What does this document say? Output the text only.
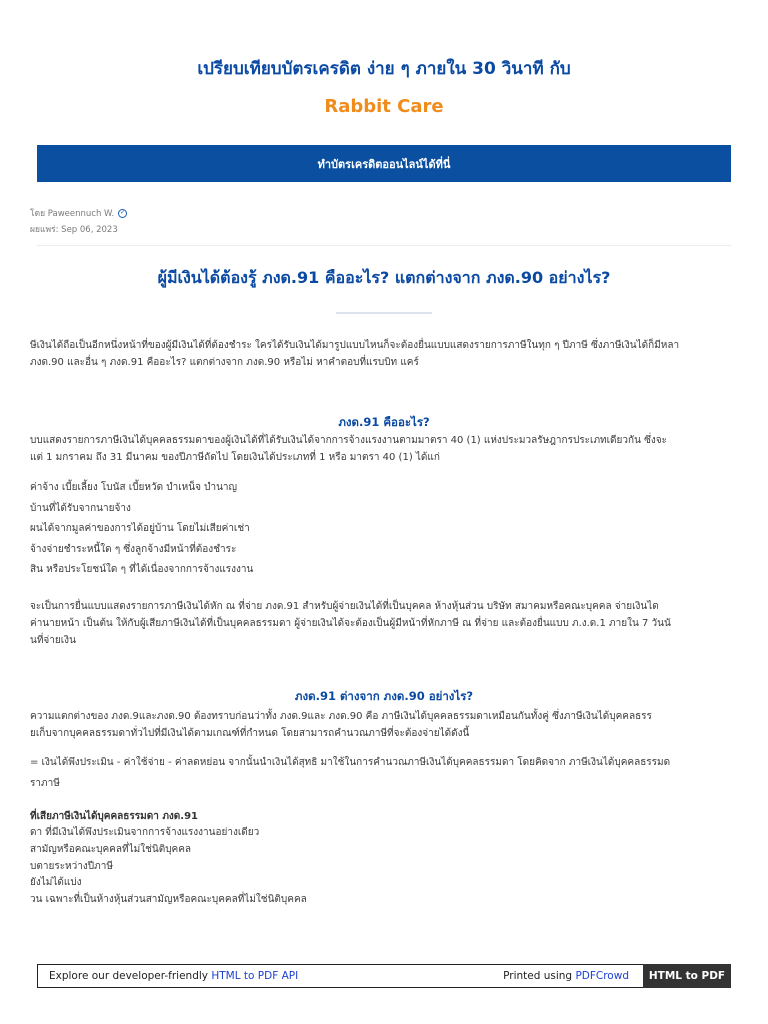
เปรียบเทียบบัตรเครดิต ง่าย ๆ ภายใน 30 วินาที กับ
Rabbit Care
ทำบัตรเครดิตออนไลน์ได้ที่นี่
โดย Paweennuch W. ✓
ผยแพร่: Sep 06, 2023
ผู้มีเงินได้ต้องรู้ ภงด.91 คืออะไร? แตกต่างจาก ภงด.90 อย่างไร?
ษีเงินได้ถือเป็นอีกหนึ่งหน้าที่ของผู้มีเงินได้ที่ต้องชำระ ใครได้รับเงินได้มารูปแบบไหนก็จะต้องยื่นแบบแสดงรายการภาษีในทุก ๆ ปีภาษี ซึ่งภาษีเงินได้ก็มีหลา
ภงด.90 และอื่น ๆ ภงด.91 คืออะไร? แตกต่างจาก ภงด.90 หรือไม่ หาคำตอบที่แรบบิท แคร์
ภงด.91 คืออะไร?
บบแสดงรายการภาษีเงินได้บุคคลธรรมดาของผู้เงินได้ที่ได้รับเงินได้จากการจ้างแรงงานตามมาตรา 40 (1) แห่งประมวลรัษฎากรประเภทเดียวกัน ซึ่งจะ
แต่ 1 มกราคม ถึง 31 มีนาคม ของปีภาษีถัดไป โดยเงินได้ประเภทที่ 1 หรือ มาตรา 40 (1) ได้แก่
ค่าจ้าง เบี้ยเลี้ยง โบนัส เบี้ยหวัด บำเหน็จ บำนาญ
บ้านที่ได้รับจากนายจ้าง
ผนได้จากมูลค่าของการได้อยู่บ้าน โดยไม่เสียค่าเช่า
จ้างจ่ายชำระหนี้ใด ๆ ซึ่งลูกจ้างมีหน้าที่ต้องชำระ
สิน หรือประโยชน์ใด ๆ ที่ได้เนื่องจากการจ้างแรงงาน
จะเป็นการยื่นแบบแสดงรายการภาษีเงินได้หัก ณ ที่จ่าย ภงด.91 สำหรับผู้จ่ายเงินได้ที่เป็นบุคคล ห้างหุ้นส่วน บริษัท สมาคมหรือคณะบุคคล จ่ายเงินได
ค่านายหน้า เป็นต้น ให้กับผู้เสียภาษีเงินได้ที่เป็นบุคคลธรรมดา ผู้จ่ายเงินได้จะต้องเป็นผู้มีหน้าที่หักภาษี ณ ที่จ่าย และต้องยื่นแบบ ภ.ง.ด.1 ภายใน 7 วันนั
นที่จ่ายเงิน
ภงด.91 ต่างจาก ภงด.90 อย่างไร?
ความแตกต่างของ ภงด.9และภงด.90 ต้องทราบก่อนว่าทั้ง ภงด.9และ ภงด.90 คือ ภาษีเงินได้บุคคลธรรมดาเหมือนกันทั้งคู่ ซึ่งภาษีเงินได้บุคคลธรร
ยเก็บจากบุคคลธรรมดาทั่วไปที่มีเงินได้ตามเกณฑ์ที่กำหนด โดยสามารถคำนวณภาษีที่จะต้องจ่ายได้ดังนี้
= เงินได้พึงประเมิน - ค่าใช้จ่าย - ค่าลดหย่อน จากนั้นนำเงินได้สุทธิ มาใช้ในการคำนวณภาษีเงินได้บุคคลธรรมดา โดยคิดจาก ภาษีเงินได้บุคคลธรรมด
ราภาษี
ที่เสียภาษีเงินได้บุคคลธรรมดา ภงด.91
ดา ที่มีเงินได้พึงประเมินจากการจ้างแรงงานอย่างเดียว
สามัญหรือคณะบุคคลที่ไม่ใช่นิติบุคคล
บตายระหว่างปีภาษี
ยังไม่ได้แบ่ง
วน เฉพาะที่เป็นห้างหุ้นส่วนสามัญหรือคณะบุคคลที่ไม่ใช่นิติบุคคล
Explore our developer-friendly HTML to PDF API	Printed using PDFCrowd	HTML to PDF
